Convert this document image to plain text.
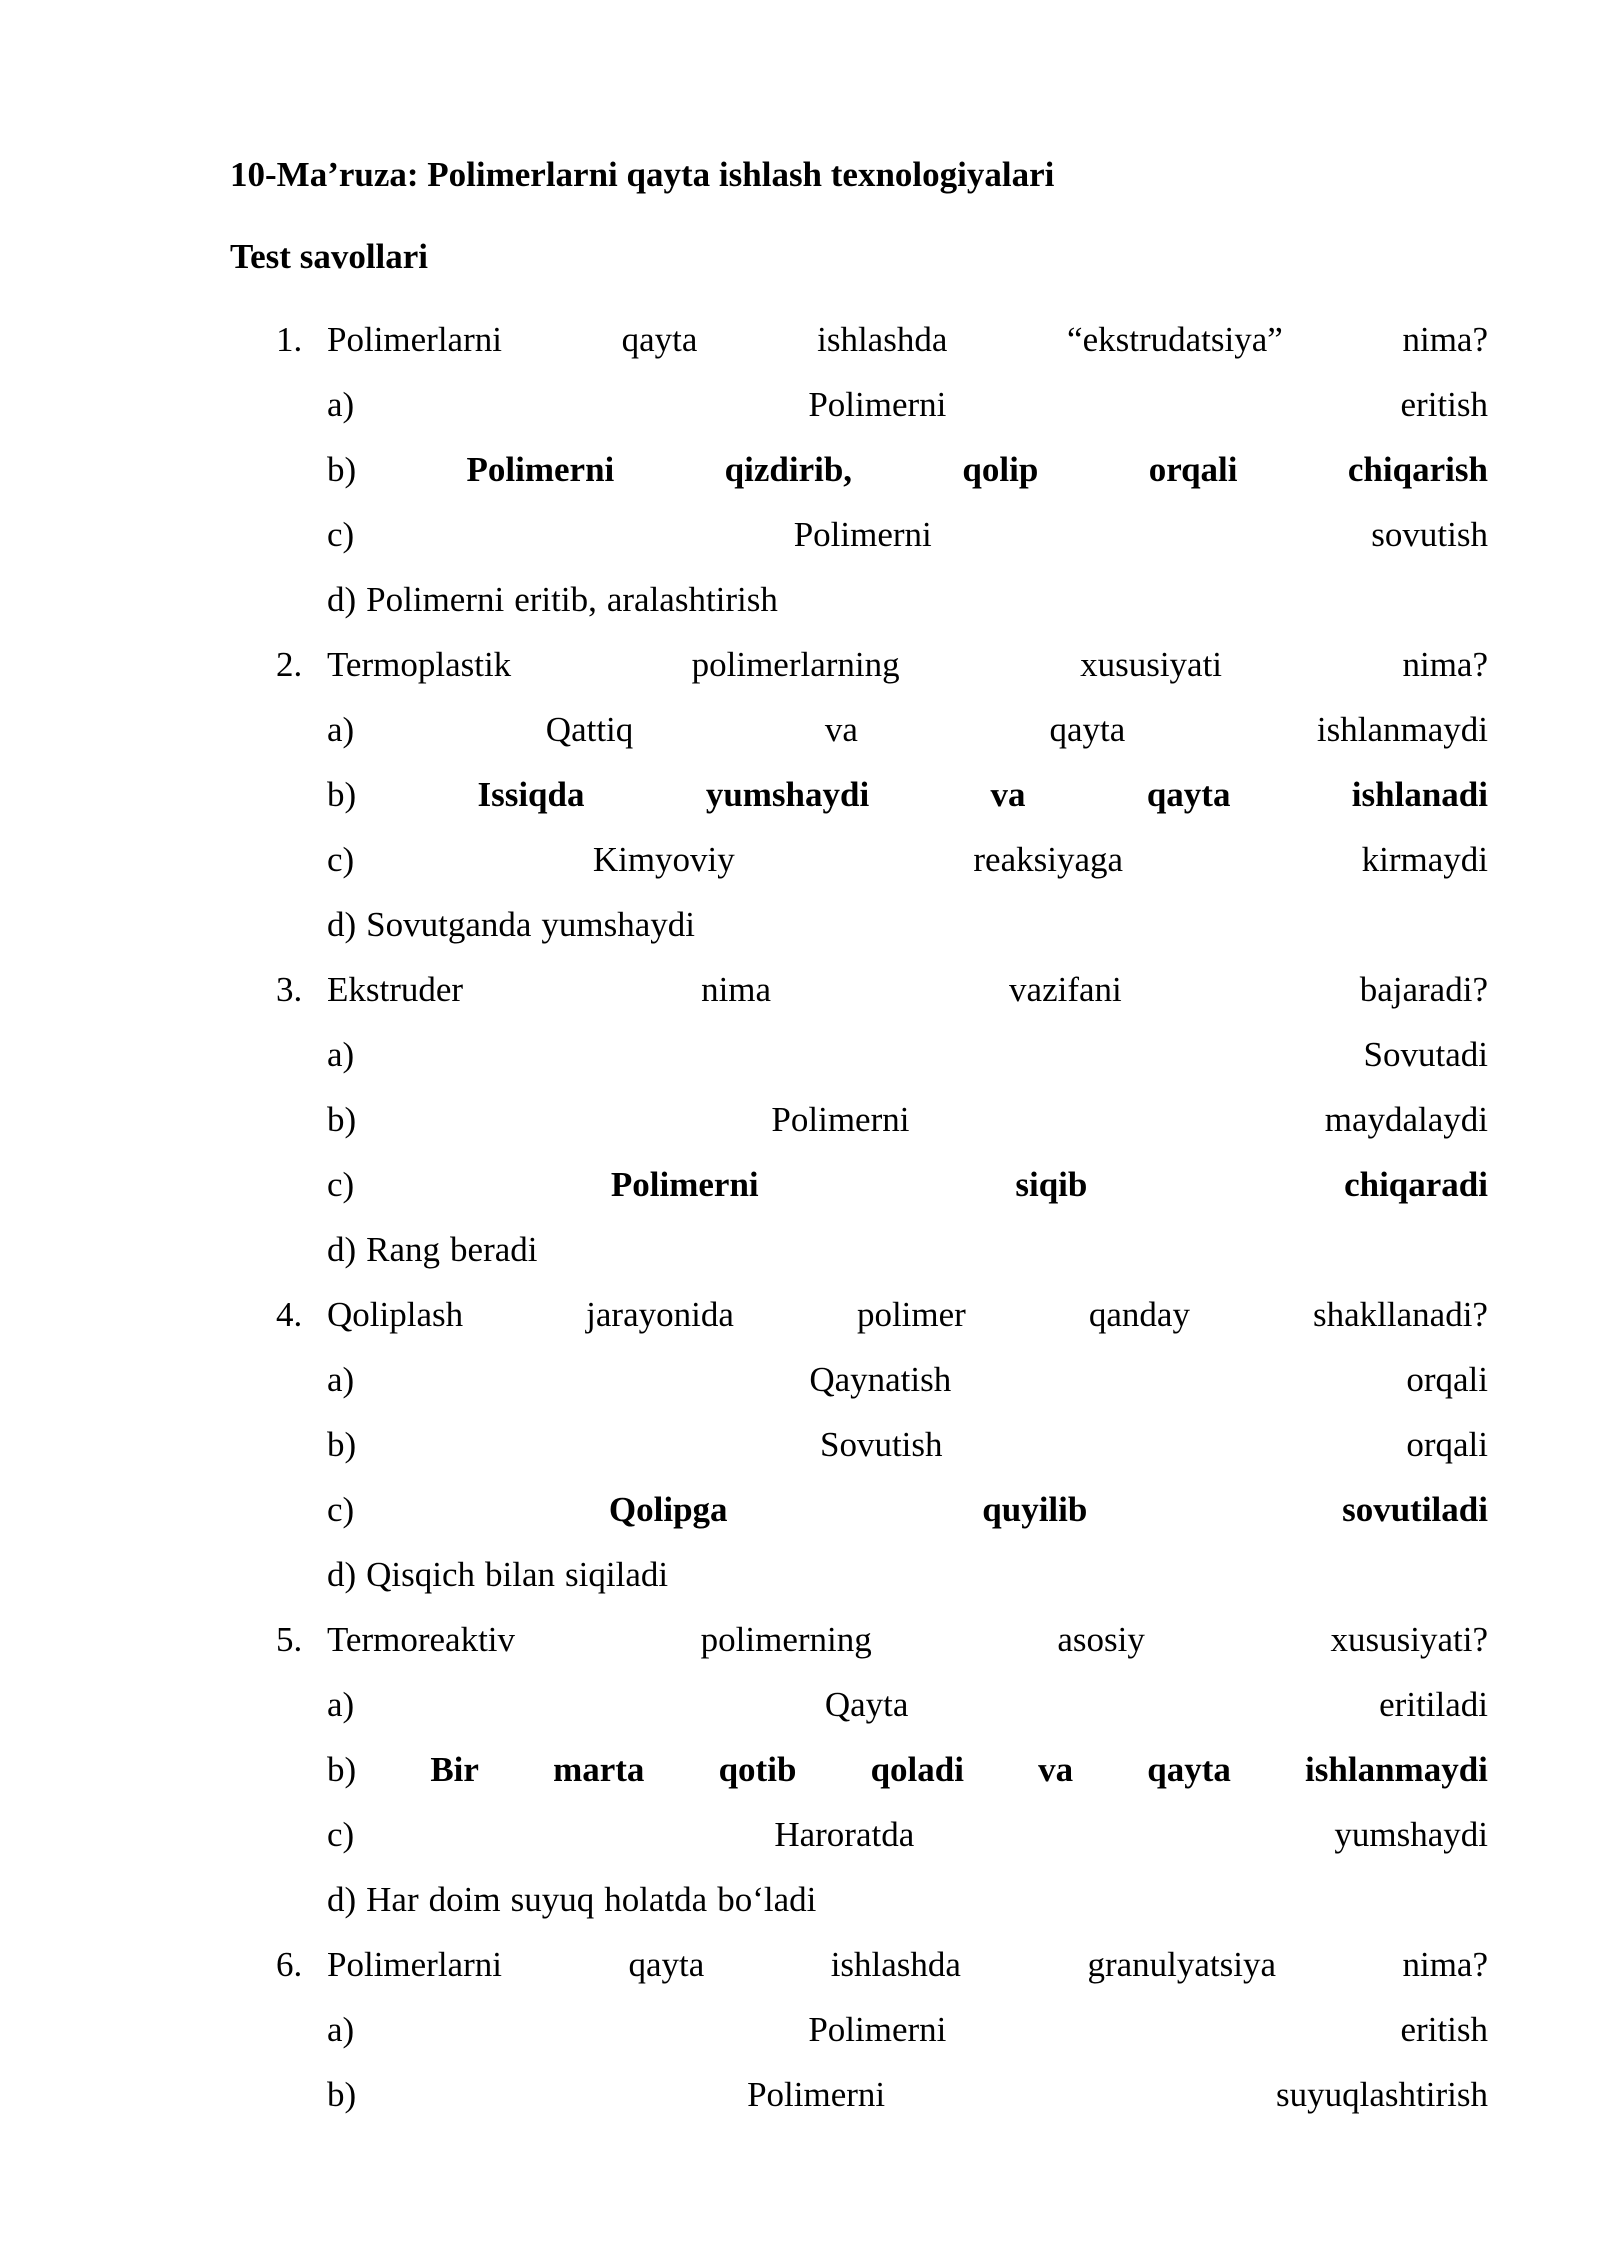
10-Ma’ruza: Polimerlarni qayta ishlash texnologiyalari
Test savollari
1. Polimerlarni	qayta	ishlashda	“ekstrudatsiya”	nima?
a)	Polimerni	eritish
b)	Polimerni	qizdirib,	qolip	orqali	chiqarish
c)	Polimerni	sovutish
d) Polimerni eritib, aralashtirish
2. Termoplastik	polimerlarning	xususiyati	nima?
a)	Qattiq	va	qayta	ishlanmaydi
b)	Issiqda	yumshaydi	va	qayta	ishlanadi
c)	Kimyoviy	reaksiyaga	kirmaydi
d) Sovutganda yumshaydi
3. Ekstruder	nima	vazifani	bajaradi?
a)	Sovutadi
b)	Polimerni	maydalaydi
c)	Polimerni	siqib	chiqaradi
d) Rang beradi
4. Qoliplash	jarayonida	polimer	qanday	shakllanadi?
a)	Qaynatish	orqali
b)	Sovutish	orqali
c)	Qolipga	quyilib	sovutiladi
d) Qisqich bilan siqiladi
5. Termoreaktiv	polimerning	asosiy	xususiyati?
a)	Qayta	eritiladi
b) Bir marta qotib qoladi va qayta ishlanmaydi
c)	Haroratda	yumshaydi
d) Har doim suyuq holatda bo‘ladi
6. Polimerlarni	qayta	ishlashda	granulyatsiya	nima?
a)	Polimerni	eritish
b)	Polimerni	suyuqlashtirish
